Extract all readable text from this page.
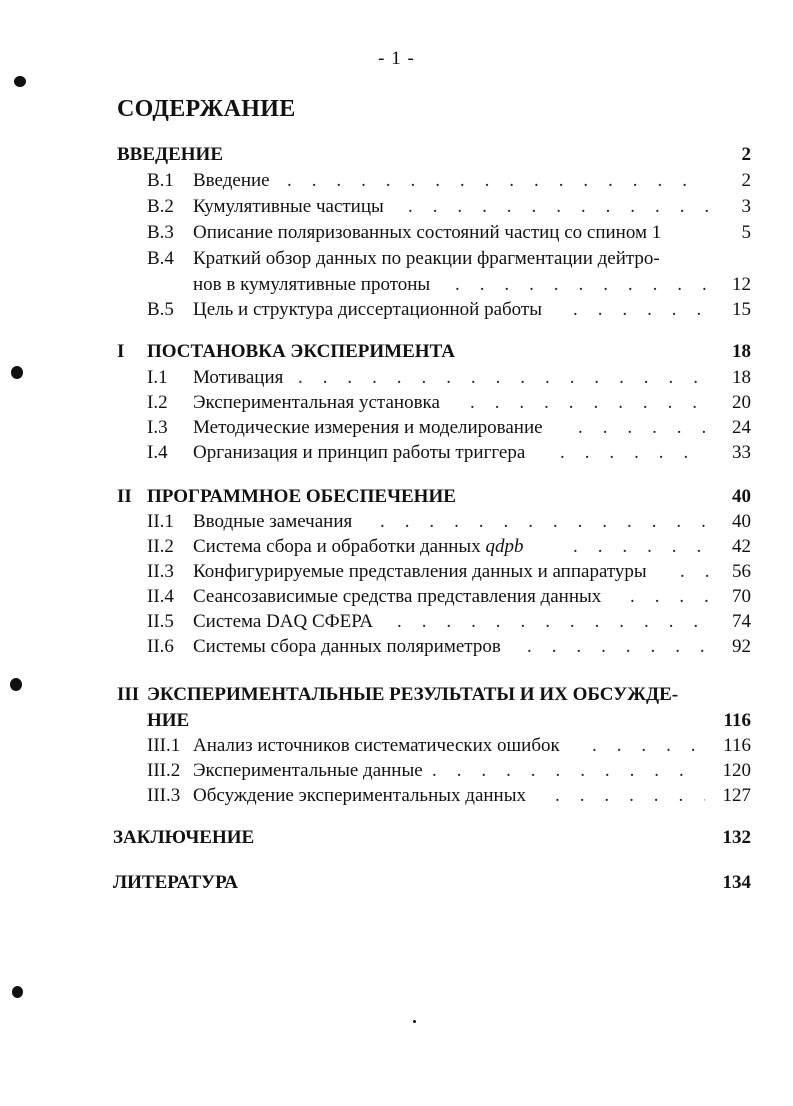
- 1 -
СОДЕРЖАНИЕ
ВВЕДЕНИЕ	2
B.1 Введение . . .	2
B.2 Кумулятивные частицы . . .	3
B.3 Описание поляризованных состояний частиц со спином 1	5
B.4 Краткий обзор данных по реакции фрагментации дейтро-
нов в кумулятивные протоны . . .	12
B.5 Цель и структура диссертационной работы . . .	15
I ПОСТАНОВКА ЭКСПЕРИМЕНТА	18
I.1 Мотивация . . .	18
I.2 Экспериментальная установка . . .	20
I.3 Методические измерения и моделирование . . .	24
I.4 Организация и принцип работы триггера . . .	33
II ПРОГРАММНОЕ ОБЕСПЕЧЕНИЕ	40
II.1 Вводные замечания . . .	40
II.2 Система сбора и обработки данных qdpb . . .	42
II.3 Конфигурируемые представления данных и аппаратуры . . .	56
II.4 Сеансозависимые средства представления данных . . .	70
II.5 Система DAQ СФЕРА . . .	74
II.6 Системы сбора данных поляриметров . . .	92
III ЭКСПЕРИМЕНТАЛЬНЫЕ РЕЗУЛЬТАТЫ И ИХ ОБСУЖДЕ-
НИЕ	116
III.1 Анализ источников систематических ошибок . . .	116
III.2 Экспериментальные данные . . .	120
III.3 Обсуждение экспериментальных данных . . .	127
ЗАКЛЮЧЕНИЕ	132
ЛИТЕРАТУРА	134
